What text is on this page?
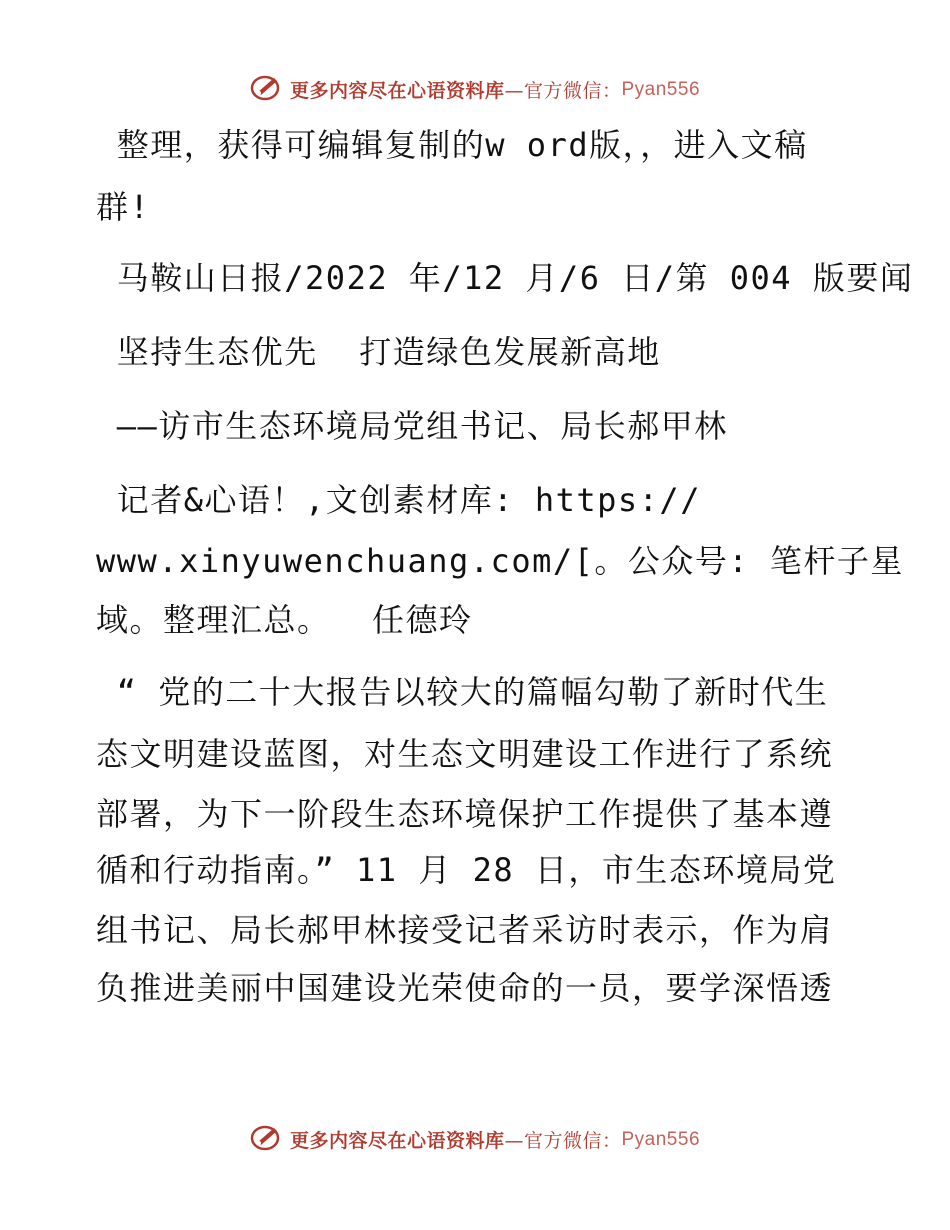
更多内容尽在心语资料库 —官方微信： Pyan556
整理，获得可编辑复制的w ord版，，进入文稿
群!
马鞍山日报/2022 年/12 月/6 日/第 004 版要闻
坚持生态优先  打造绿色发展新高地
——访市生态环境局党组书记、局长郝甲林
记者&心语！,文创素材库: https://
www.xinyuwenchuang.com/[。公众号: 笔杆子星
域。整理汇总。  任德玲
“ 党的二十大报告以较大的篇幅勾勒了新时代生
态文明建设蓝图，对生态文明建设工作进行了系统
部署，为下一阶段生态环境保护工作提供了基本遵
循和行动指南。” 11 月 28 日，市生态环境局党
组书记、局长郝甲林接受记者采访时表示，作为肩
负推进美丽中国建设光荣使命的一员，要学深悟透
更多内容尽在心语资料库 —官方微信： Pyan556
